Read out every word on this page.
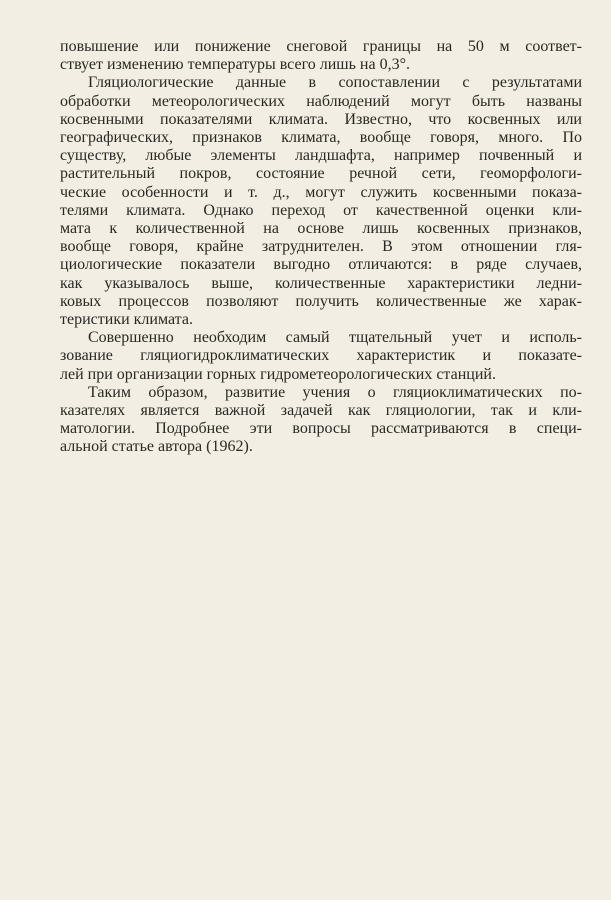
повышение или понижение снеговой границы на 50 м соответ-
ствует изменению температуры всего лишь на 0,3°.

Гляциологические данные в сопоставлении с результатами
обработки метеорологических наблюдений могут быть названы
косвенными показателями климата. Известно, что косвенных или
географических, признаков климата, вообще говоря, много. По
существу, любые элементы ландшафта, например почвенный и
растительный покров, состояние речной сети, геоморфологи-
ческие особенности и т. д., могут служить косвенными показа-
телями климата. Однако переход от качественной оценки кли-
мата к количественной на основе лишь косвенных признаков,
вообще говоря, крайне затруднителен. В этом отношении гля-
циологические показатели выгодно отличаются: в ряде случаев,
как указывалось выше, количественные характеристики ледни-
ковых процессов позволяют получить количественные же харак-
теристики климата.

Совершенно необходим самый тщательный учет и исполь-
зование гляциогидроклиматических характеристик и показате-
лей при организации горных гидрометеорологических станций.

Таким образом, развитие учения о гляциоклиматических по-
казателях является важной задачей как гляциологии, так и кли-
матологии. Подробнее эти вопросы рассматриваются в специ-
альной статье автора (1962).
